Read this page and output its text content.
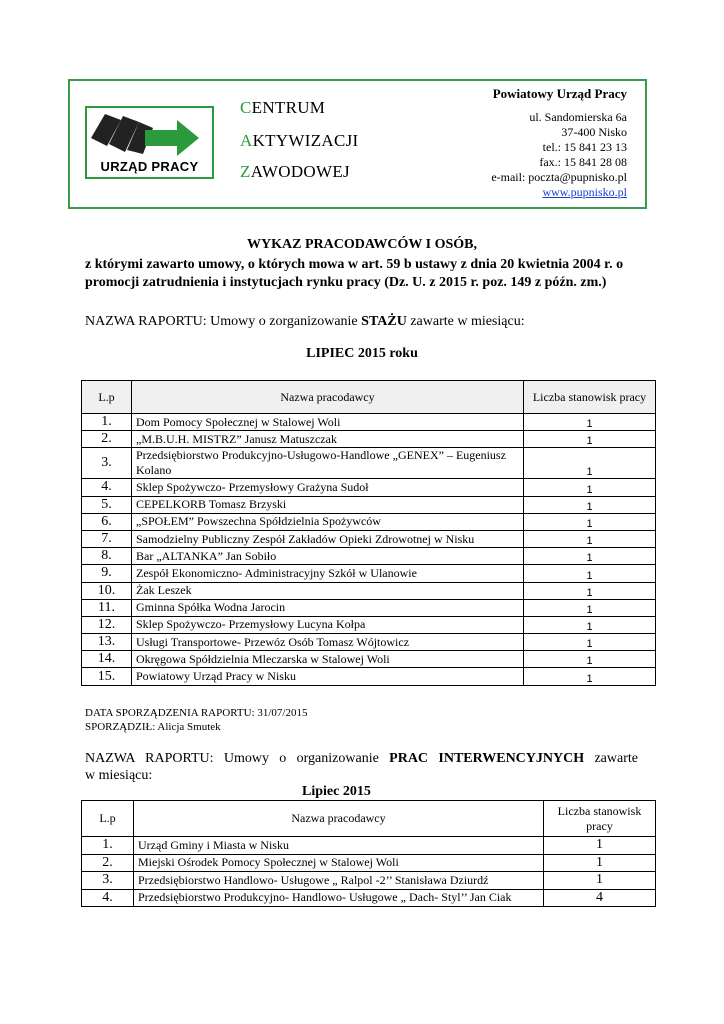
URZĄD PRACY
CENTRUM
AKTYWIZACJI
ZAWODOWEJ
Powiatowy Urząd Pracy
ul. Sandomierska 6a
37-400 Nisko
tel.: 15 841 23 13
fax.: 15 841 28 08
e-mail: poczta@pupnisko.pl
www.pupnisko.pl
WYKAZ PRACODAWCÓW I OSÓB,
z którymi zawarto umowy, o których mowa w art. 59 b ustawy z dnia 20 kwietnia 2004 r. o promocji zatrudnienia i instytucjach rynku pracy (Dz. U. z 2015 r. poz. 149 z późn. zm.)
NAZWA RAPORTU: Umowy o zorganizowanie STAŻU zawarte w miesiącu:
LIPIEC 2015 roku
L.p	Nazwa pracodawcy	Liczba stanowisk pracy
1.	Dom Pomocy Społecznej w Stalowej Woli	1
2.	„M.B.U.H. MISTRZ” Janusz Matuszczak	1
3.	Przedsiębiorstwo Produkcyjno-Usługowo-Handlowe „GENEX” – Eugeniusz Kolano	1
4.	Sklep Spożywczo- Przemysłowy Grażyna Sudoł	1
5.	CEPELKORB Tomasz Brzyski	1
6.	„SPOŁEM” Powszechna Spółdzielnia Spożywców	1
7.	Samodzielny Publiczny Zespół Zakładów Opieki Zdrowotnej w Nisku	1
8.	Bar „ALTANKA” Jan Sobiło	1
9.	Zespół Ekonomiczno- Administracyjny Szkół w Ulanowie	1
10.	Żak Leszek	1
11.	Gminna Spółka Wodna Jarocin	1
12.	Sklep Spożywczo- Przemysłowy Lucyna Kołpa	1
13.	Usługi Transportowe- Przewóz Osób Tomasz Wójtowicz	1
14.	Okręgowa Spółdzielnia Mleczarska w Stalowej Woli	1
15.	Powiatowy Urząd Pracy w Nisku	1
DATA SPORZĄDZENIA RAPORTU: 31/07/2015
SPORZĄDZIŁ: Alicja Smutek
NAZWA RAPORTU: Umowy o organizowanie PRAC INTERWENCYJNYCH zawarte
w miesiącu:
Lipiec 2015
L.p	Nazwa pracodawcy	Liczba stanowisk pracy
1.	Urząd Gminy i Miasta w Nisku	1
2.	Miejski Ośrodek Pomocy Społecznej w Stalowej Woli	1
3.	Przedsiębiorstwo Handlowo- Usługowe „ Ralpol -2’’ Stanisława Dziurdź	1
4.	Przedsiębiorstwo Produkcyjno- Handlowo- Usługowe „ Dach- Styl’’ Jan Ciak	4
